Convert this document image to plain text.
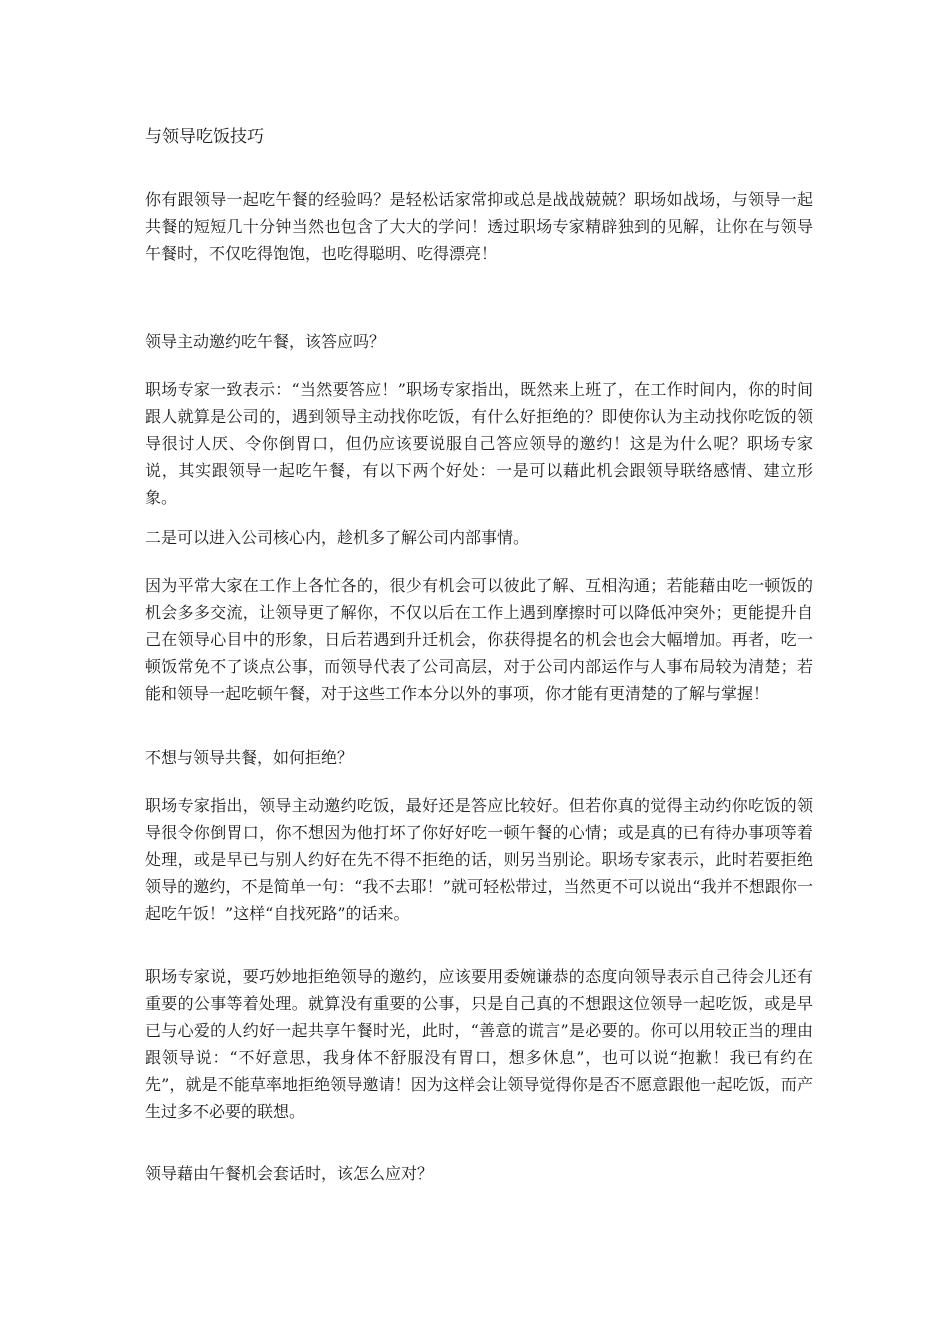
与领导吃饭技巧

你有跟领导一起吃午餐的经验吗？是轻松话家常抑或总是战战兢兢？职场如战场，与领导一起共餐的短短几十分钟当然也包含了大大的学问！透过职场专家精辟独到的见解，让你在与领导午餐时，不仅吃得饱饱，也吃得聪明、吃得漂亮！

领导主动邀约吃午餐，该答应吗？

职场专家一致表示：“当然要答应！”职场专家指出，既然来上班了，在工作时间内，你的时间跟人就算是公司的，遇到领导主动找你吃饭，有什么好拒绝的？即使你认为主动找你吃饭的领导很讨人厌、令你倒胃口，但仍应该要说服自己答应领导的邀约！这是为什么呢？职场专家说，其实跟领导一起吃午餐，有以下两个好处：一是可以藉此机会跟领导联络感情、建立形象。

二是可以进入公司核心内，趁机多了解公司内部事情。

因为平常大家在工作上各忙各的，很少有机会可以彼此了解、互相沟通；若能藉由吃一顿饭的机会多多交流，让领导更了解你，不仅以后在工作上遇到摩擦时可以降低冲突外；更能提升自己在领导心目中的形象，日后若遇到升迁机会，你获得提名的机会也会大幅增加。再者，吃一顿饭常免不了谈点公事，而领导代表了公司高层，对于公司内部运作与人事布局较为清楚；若能和领导一起吃顿午餐，对于这些工作本分以外的事项，你才能有更清楚的了解与掌握！

不想与领导共餐，如何拒绝？

职场专家指出，领导主动邀约吃饭，最好还是答应比较好。但若你真的觉得主动约你吃饭的领导很令你倒胃口，你不想因为他打坏了你好好吃一顿午餐的心情；或是真的已有待办事项等着处理，或是早已与别人约好在先不得不拒绝的话，则另当别论。职场专家表示，此时若要拒绝领导的邀约，不是简单一句：“我不去耶！”就可轻松带过，当然更不可以说出“我并不想跟你一起吃午饭！”这样“自找死路”的话来。

职场专家说，要巧妙地拒绝领导的邀约，应该要用委婉谦恭的态度向领导表示自己待会儿还有重要的公事等着处理。就算没有重要的公事，只是自己真的不想跟这位领导一起吃饭，或是早已与心爱的人约好一起共享午餐时光，此时，“善意的谎言”是必要的。你可以用较正当的理由跟领导说：“不好意思，我身体不舒服没有胃口，想多休息”，也可以说“抱歉！我已有约在先”，就是不能草率地拒绝领导邀请！因为这样会让领导觉得你是否不愿意跟他一起吃饭，而产生过多不必要的联想。

领导藉由午餐机会套话时，该怎么应对？
